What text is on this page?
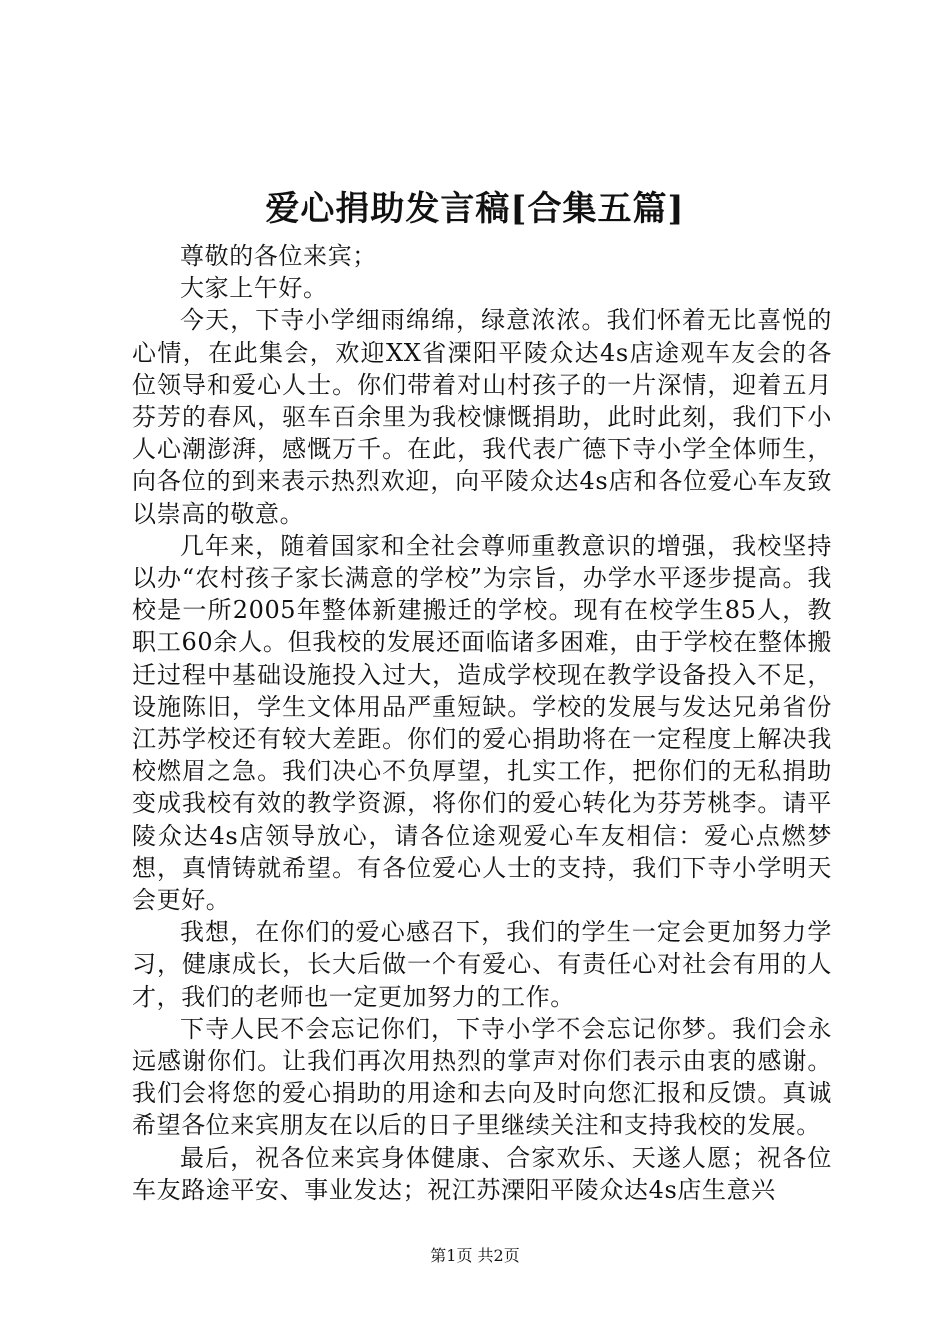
爱心捐助发言稿[合集五篇]

尊敬的各位来宾；

大家上午好。

今天，下寺小学细雨绵绵，绿意浓浓。我们怀着无比喜悦的心情，在此集会，欢迎XX省溧阳平陵众达4s店途观车友会的各位领导和爱心人士。你们带着对山村孩子的一片深情，迎着五月芬芳的春风，驱车百余里为我校慷慨捐助，此时此刻，我们下小人心潮澎湃，感慨万千。在此，我代表广德下寺小学全体师生，向各位的到来表示热烈欢迎，向平陵众达4s店和各位爱心车友致以崇高的敬意。

几年来，随着国家和全社会尊师重教意识的增强，我校坚持以办“农村孩子家长满意的学校”为宗旨，办学水平逐步提高。我校是一所2005年整体新建搬迁的学校。现有在校学生85人，教职工60余人。但我校的发展还面临诸多困难，由于学校在整体搬迁过程中基础设施投入过大，造成学校现在教学设备投入不足，设施陈旧，学生文体用品严重短缺。学校的发展与发达兄弟省份江苏学校还有较大差距。你们的爱心捐助将在一定程度上解决我校燃眉之急。我们决心不负厚望，扎实工作，把你们的无私捐助变成我校有效的教学资源，将你们的爱心转化为芬芳桃李。请平陵众达4s店领导放心，请各位途观爱心车友相信：爱心点燃梦想，真情铸就希望。有各位爱心人士的支持，我们下寺小学明天会更好。

我想，在你们的爱心感召下，我们的学生一定会更加努力学习，健康成长，长大后做一个有爱心、有责任心对社会有用的人才，我们的老师也一定更加努力的工作。

下寺人民不会忘记你们，下寺小学不会忘记你梦。我们会永远感谢你们。让我们再次用热烈的掌声对你们表示由衷的感谢。我们会将您的爱心捐助的用途和去向及时向您汇报和反馈。真诚希望各位来宾朋友在以后的日子里继续关注和支持我校的发展。

最后，祝各位来宾身体健康、合家欢乐、天遂人愿；祝各位车友路途平安、事业发达；祝江苏溧阳平陵众达4s店生意兴

第1页 共2页
